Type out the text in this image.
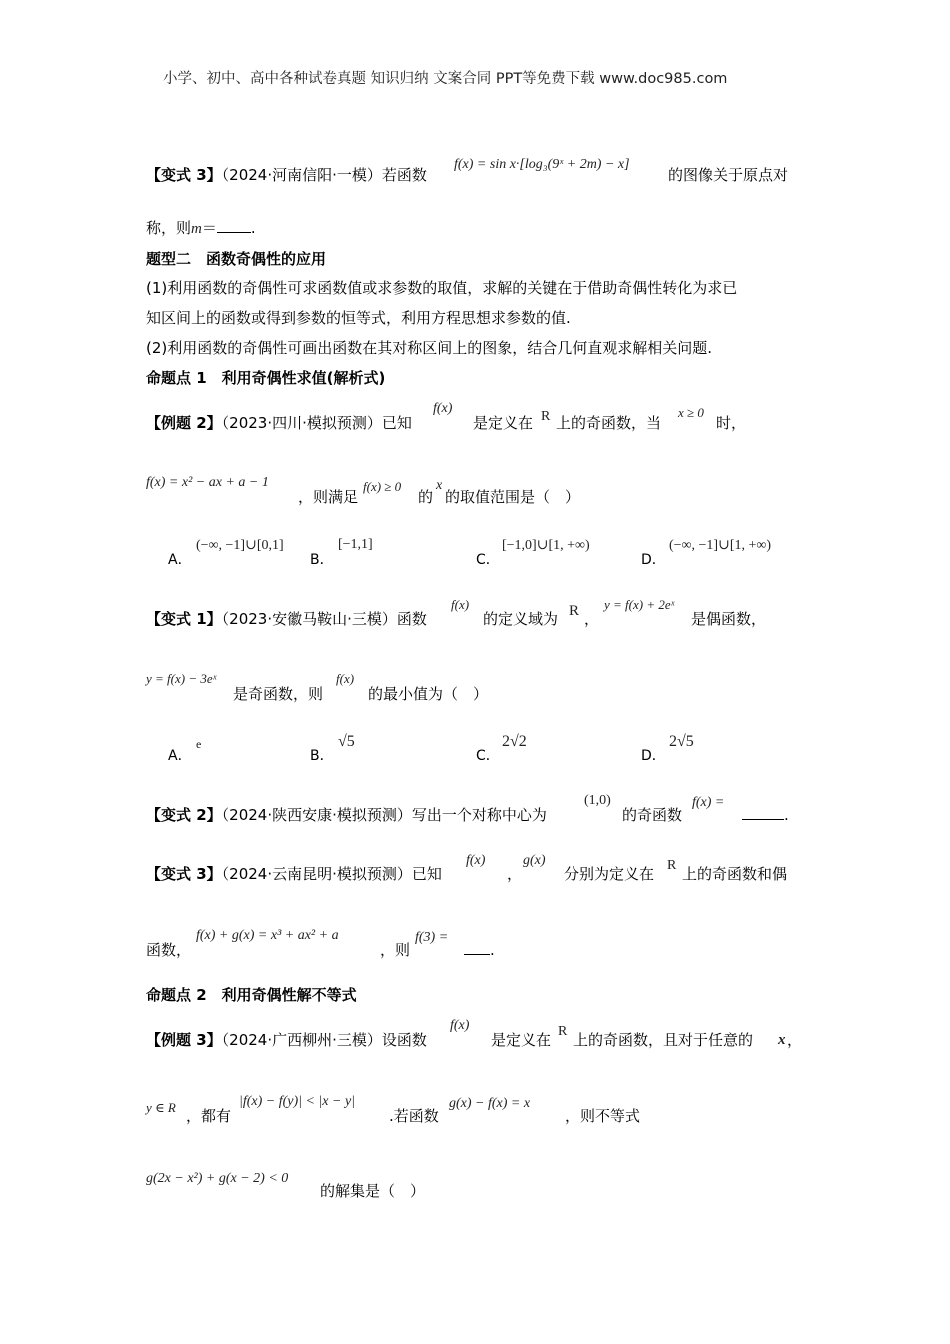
小学、初中、高中各种试卷真题 知识归纳 文案合同 PPT等免费下载 www.doc985.com
【变式 3】（2024·河南信阳·一模）若函数
f(x) = sin x·[log₃(9ˣ + 2m) − x]
的图像关于原点对
称，则m＝ .
题型二　函数奇偶性的应用
(1)利用函数的奇偶性可求函数值或求参数的取值，求解的关键在于借助奇偶性转化为求已
知区间上的函数或得到参数的恒等式，利用方程思想求参数的值.
(2)利用函数的奇偶性可画出函数在其对称区间上的图象，结合几何直观求解相关问题.
命题点 1　利用奇偶性求值(解析式)
【例题 2】（2023·四川·模拟预测）已知
f(x)
是定义在 R 上的奇函数，当
x ≥ 0
时，
f(x) = x² − ax + a − 1
，则满足
f(x) ≥ 0
的
x
的取值范围是（　）
A．
(−∞, −1]∪[0,1]
B．
[−1,1]
C．
[−1,0]∪[1, +∞)
D．
(−∞, −1]∪[1, +∞)
【变式 1】（2023·安徽马鞍山·三模）函数
f(x)
的定义域为 R ，
y = f(x) + 2eˣ
是偶函数，
y = f(x) − 3eˣ
是奇函数，则
f(x)
的最小值为（　）
A．
e
B．
√5
C．
2√2
D．
2√5
【变式 2】（2024·陕西安康·模拟预测）写出一个对称中心为
(1,0)
的奇函数
f(x) =
.
【变式 3】（2024·云南昆明·模拟预测）已知
f(x)
，
g(x)
分别为定义在 R 上的奇函数和偶
函数，
f(x) + g(x) = x³ + ax² + a
，则
f(3) =
.
命题点 2　利用奇偶性解不等式
【例题 3】（2024·广西柳州·三模）设函数
f(x)
是定义在 R 上的奇函数，且对于任意的 x ，
y ∈ R ，都有
|f(x) − f(y)| < |x − y|
.若函数
g(x) − f(x) = x
，则不等式
g(2x − x²) + g(x − 2) < 0
的解集是（　）
